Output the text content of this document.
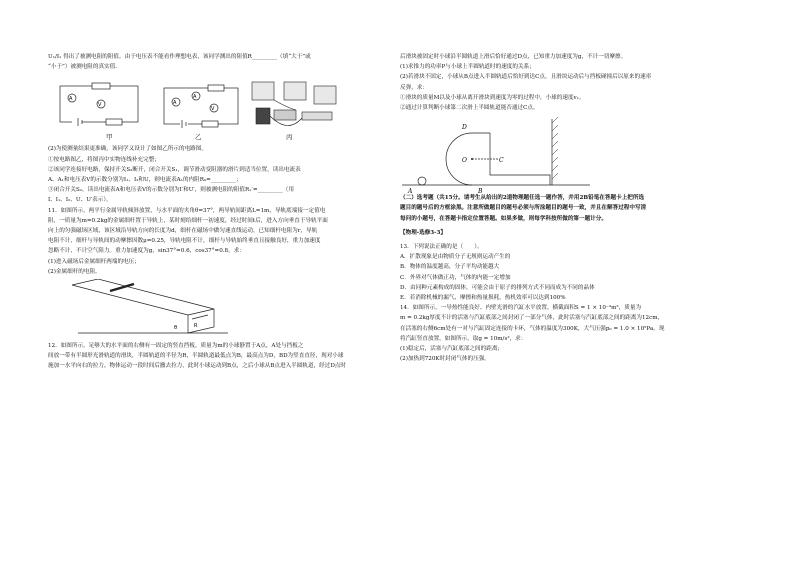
U₁/I₁ 得出了被测电阻的阻值。由于电压表不能看作理想电表，该同学测出的阻值R_________（填“大于”或

“小于”）被测电阻的真实值.

A
V	A
A
V
甲	乙	丙

(2)为使测量结果更准确，该同学又设计了如图乙所示的电路图。

①按电路图乙，将图丙中实物连线补充完整；

②该同学连接好电路，保持开关S₂断开，闭合开关S₁，调节滑动变阻器的滑片到适当位置，读出电流表

A、A₁和电压表V的示数分别为I₁、I₂和U，则电流表A₁的内阻R₀=_________；

③闭合开关S₂，读出电流表A和电压表V的示数分别为I′和U′，则被测电阻的阻值Rₓ′=_________（用

I、I₁、I₂、U、U′表示）。

11．如图所示，两平行金属导轨倾斜放置，与水平面的夹角θ=37°，两导轨间距离L=1m，导轨底端接一定值电

阻，一质量为m=0.2kg的金属细杆置于导轨上，某时刻给细杆一初速度，经过时间t后，进入方向垂直于导轨平面

向上的匀强磁场区域，该区域沿导轨方向的长度为d，细杆在磁场中做匀速直线运动，已知细杆电阻为r，导轨

电阻不计，细杆与导轨间的动摩擦因数μ=0.25，导轨电阻不计，细杆与导轨始终垂直且接触良好，重力加速度

忽略不计，不计空气阻力。重力加速度为g，sin37°=0.6，cos37°=0.8。求：

(1)进入磁场后金属细杆两端的电压；

(2)金属细杆的电阻。

R
θ

12．如图所示，足够大的水平面的右侧有一固定的竖直挡板，质量为m的小球静置于A点，A处与挡板之

间放一带有半圆形光滑轨道的滑块，半圆轨道的半径为R，半圆轨道最低点为B，最高点为D，BD为竖直直径，现对小球

施加一水平向右的拉力，物体运动一段时间后撤去拉力，此时小球运动到B点，之后小球从B点进入半圆轨道，经过D点时

后滑块被固定时小球沿半圆轨道上滑后恰好通过D点，已知重力加速度为g，不计一切摩擦。

(1)求推力的功率P与小球上半圆轨道时的速度的关系；

(2)若滑块不固定，小球从B点进入半圆轨道后恰好到达C点，且滑块运动后与挡板碰撞后以原来的速率

反弹，求：

①滑块的质量M以及小球从离开滑块到速度为零的过程中，小球的速度v₁。

②通过计算判断小球第二次滑上半圆轨道能否通过C点。

D
O	C
A	B

（二）选考题（共15分。请考生从给出的2道物理题任选一题作答，并用2B铅笔在答题卡上把所选

题目的题号后的方框涂黑。注意所做题目的题号必须与所涂题目的题号一致，并且在解答过程中写清

每问的小题号，在答题卡指定位置答题。如果多做，则每学科按所做的第一题计分。

【物理-选修3-3】

13．下列说法正确的是（　　）。

A．扩散现象是由物质分子无规则运动产生的

B．物体的温度越高，分子平均动能越大

C．外界对气体做正功，气体的内能一定增加

D．由同种元素构成的固体，可能会由于原子的排列方式不同而成为不同的晶体

E．若消除机械的漏气、摩擦和热量损耗，热机效率可以达到100%

14．如图所示，一导热性能良好、内壁光滑的汽缸水平放置，横截面积S = 1 × 10⁻³m²，质量为

m = 0.2kg厚度不计的活塞与汽缸底部之间封闭了一部分气体，此时活塞与汽缸底部之间的距离为12cm，

在活塞的右侧6cm处有一对与汽缸固定连接的卡环，气体的温度为300K，大气压强p₀ = 1.0 × 10⁵Pa。现

将汽缸竖直放置，如图所示，取g = 10m/s²，求：

(1)稳定后，活塞与汽缸底部之间的距离；

(2)加热到720K时封闭气体的压强。
